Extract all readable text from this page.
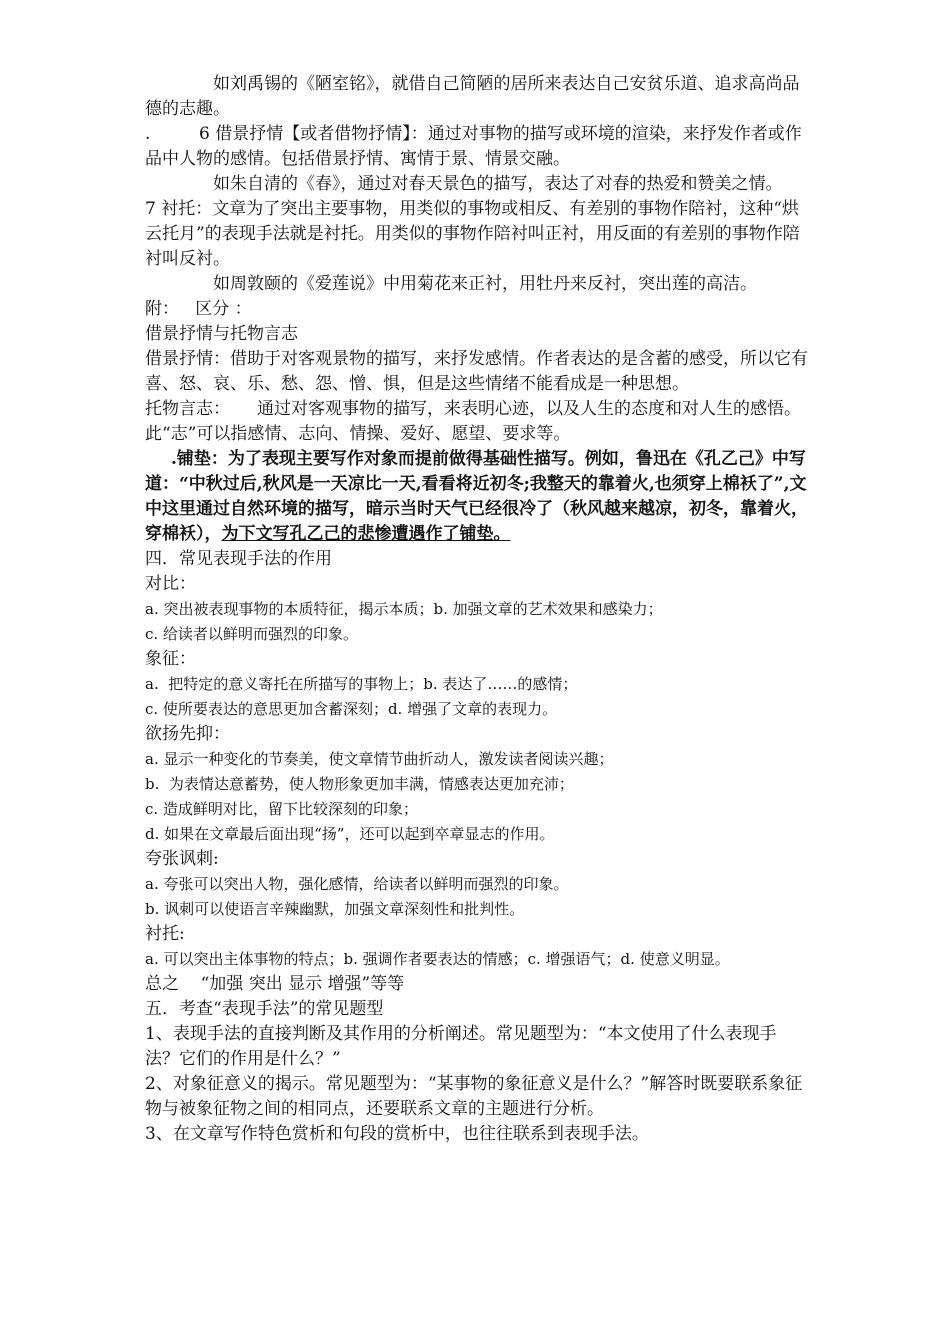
如刘禹锡的《陋室铭》，就借自己简陋的居所来表达自己安贫乐道、追求高尚品德的志趣。

.         6 借景抒情【或者借物抒情】：通过对事物的描写或环境的渲染，来抒发作者或作品中人物的感情。包括借景抒情、寓情于景、情景交融。

如朱自清的《春》，通过对春天景色的描写，表达了对春的热爱和赞美之情。

7 衬托：文章为了突出主要事物，用类似的事物或相反、有差别的事物作陪衬，这种“烘云托月”的表现手法就是衬托。用类似的事物作陪衬叫正衬，用反面的有差别的事物作陪衬叫反衬。

如周敦颐的《爱莲说》中用菊花来正衬，用牡丹来反衬，突出莲的高洁。

附：   区分 ：

借景抒情与托物言志

借景抒情：借助于对客观景物的描写，来抒发感情。作者表达的是含蓄的感受，所以它有喜、怒、哀、乐、愁、怨、憎、惧，但是这些情绪不能看成是一种思想。

托物言志：     通过对客观事物的描写，来表明心迹，以及人生的态度和对人生的感悟。此“志”可以指感情、志向、情操、爱好、愿望、要求等。

.铺垫：为了表现主要写作对象而提前做得基础性描写。例如，鲁迅在《孔乙己》中写道：“中秋过后,秋风是一天凉比一天,看看将近初冬;我整天的靠着火,也须穿上棉袄了”,文中这里通过自然环境的描写，暗示当时天气已经很冷了（秋风越来越凉，初冬，靠着火，穿棉袄），为下文写孔乙己的悲惨遭遇作了铺垫。

四．常见表现手法的作用

对比：

a. 突出被表现事物的本质特征，揭示本质；b. 加强文章的艺术效果和感染力；

c. 给读者以鲜明而强烈的印象。

象征：

a.  把特定的意义寄托在所描写的事物上；b. 表达了……的感情；

c. 使所要表达的意思更加含蓄深刻；d. 增强了文章的表现力。

欲扬先抑：

a. 显示一种变化的节奏美，使文章情节曲折动人，激发读者阅读兴趣；

b.  为表情达意蓄势，使人物形象更加丰满，情感表达更加充沛；

c. 造成鲜明对比，留下比较深刻的印象；

d. 如果在文章最后面出现“扬”，还可以起到卒章显志的作用。

夸张讽刺:

a. 夸张可以突出人物，强化感情，给读者以鲜明而强烈的印象。

b. 讽刺可以使语言辛辣幽默，加强文章深刻性和批判性。

衬托:

a. 可以突出主体事物的特点；b. 强调作者要表达的情感；c. 增强语气；d. 使意义明显。

总之    “加强 突出 显示 增强”等等

五．考查“表现手法”的常见题型

1、表现手法的直接判断及其作用的分析阐述。常见题型为：“本文使用了什么表现手法？它们的作用是什么？”

2、对象征意义的揭示。常见题型为：“某事物的象征意义是什么？”解答时既要联系象征物与被象征物之间的相同点，还要联系文章的主题进行分析。

3、在文章写作特色赏析和句段的赏析中，也往往联系到表现手法。
